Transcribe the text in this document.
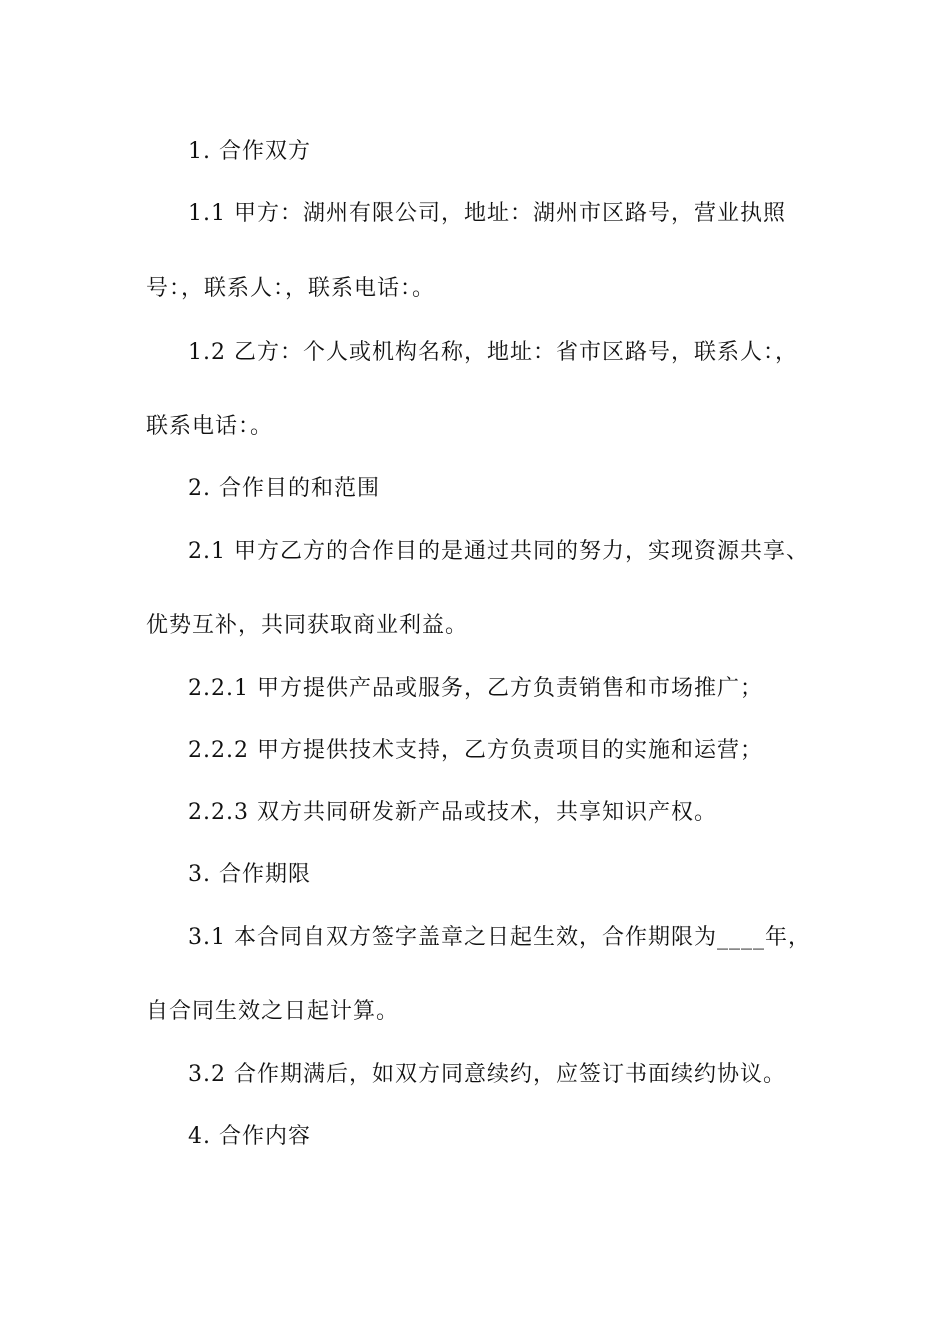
1. 合作双方
1.1 甲方：湖州有限公司，地址：湖州市区路号，营业执照
号：，联系人：，联系电话：。
1.2 乙方：个人或机构名称，地址：省市区路号，联系人：，
联系电话：。
2. 合作目的和范围
2.1 甲方乙方的合作目的是通过共同的努力，实现资源共享、
优势互补，共同获取商业利益。
2.2.1 甲方提供产品或服务，乙方负责销售和市场推广；
2.2.2 甲方提供技术支持，乙方负责项目的实施和运营；
2.2.3 双方共同研发新产品或技术，共享知识产权。
3. 合作期限
3.1 本合同自双方签字盖章之日起生效，合作期限为____年，
自合同生效之日起计算。
3.2 合作期满后，如双方同意续约，应签订书面续约协议。
4. 合作内容
